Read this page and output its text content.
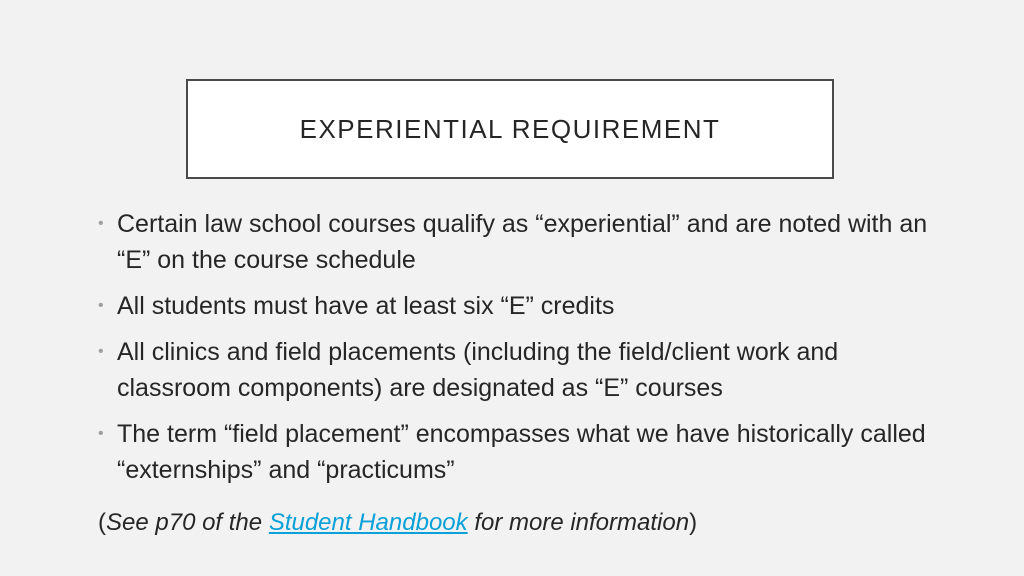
EXPERIENTIAL REQUIREMENT
• Certain law school courses qualify as “experiential” and are noted with an “E” on the course schedule
• All students must have at least six “E” credits
• All clinics and field placements (including the field/client work and classroom components) are designated as “E” courses
• The term “field placement” encompasses what we have historically called “externships” and “practicums”
(See p70 of the Student Handbook for more information)
